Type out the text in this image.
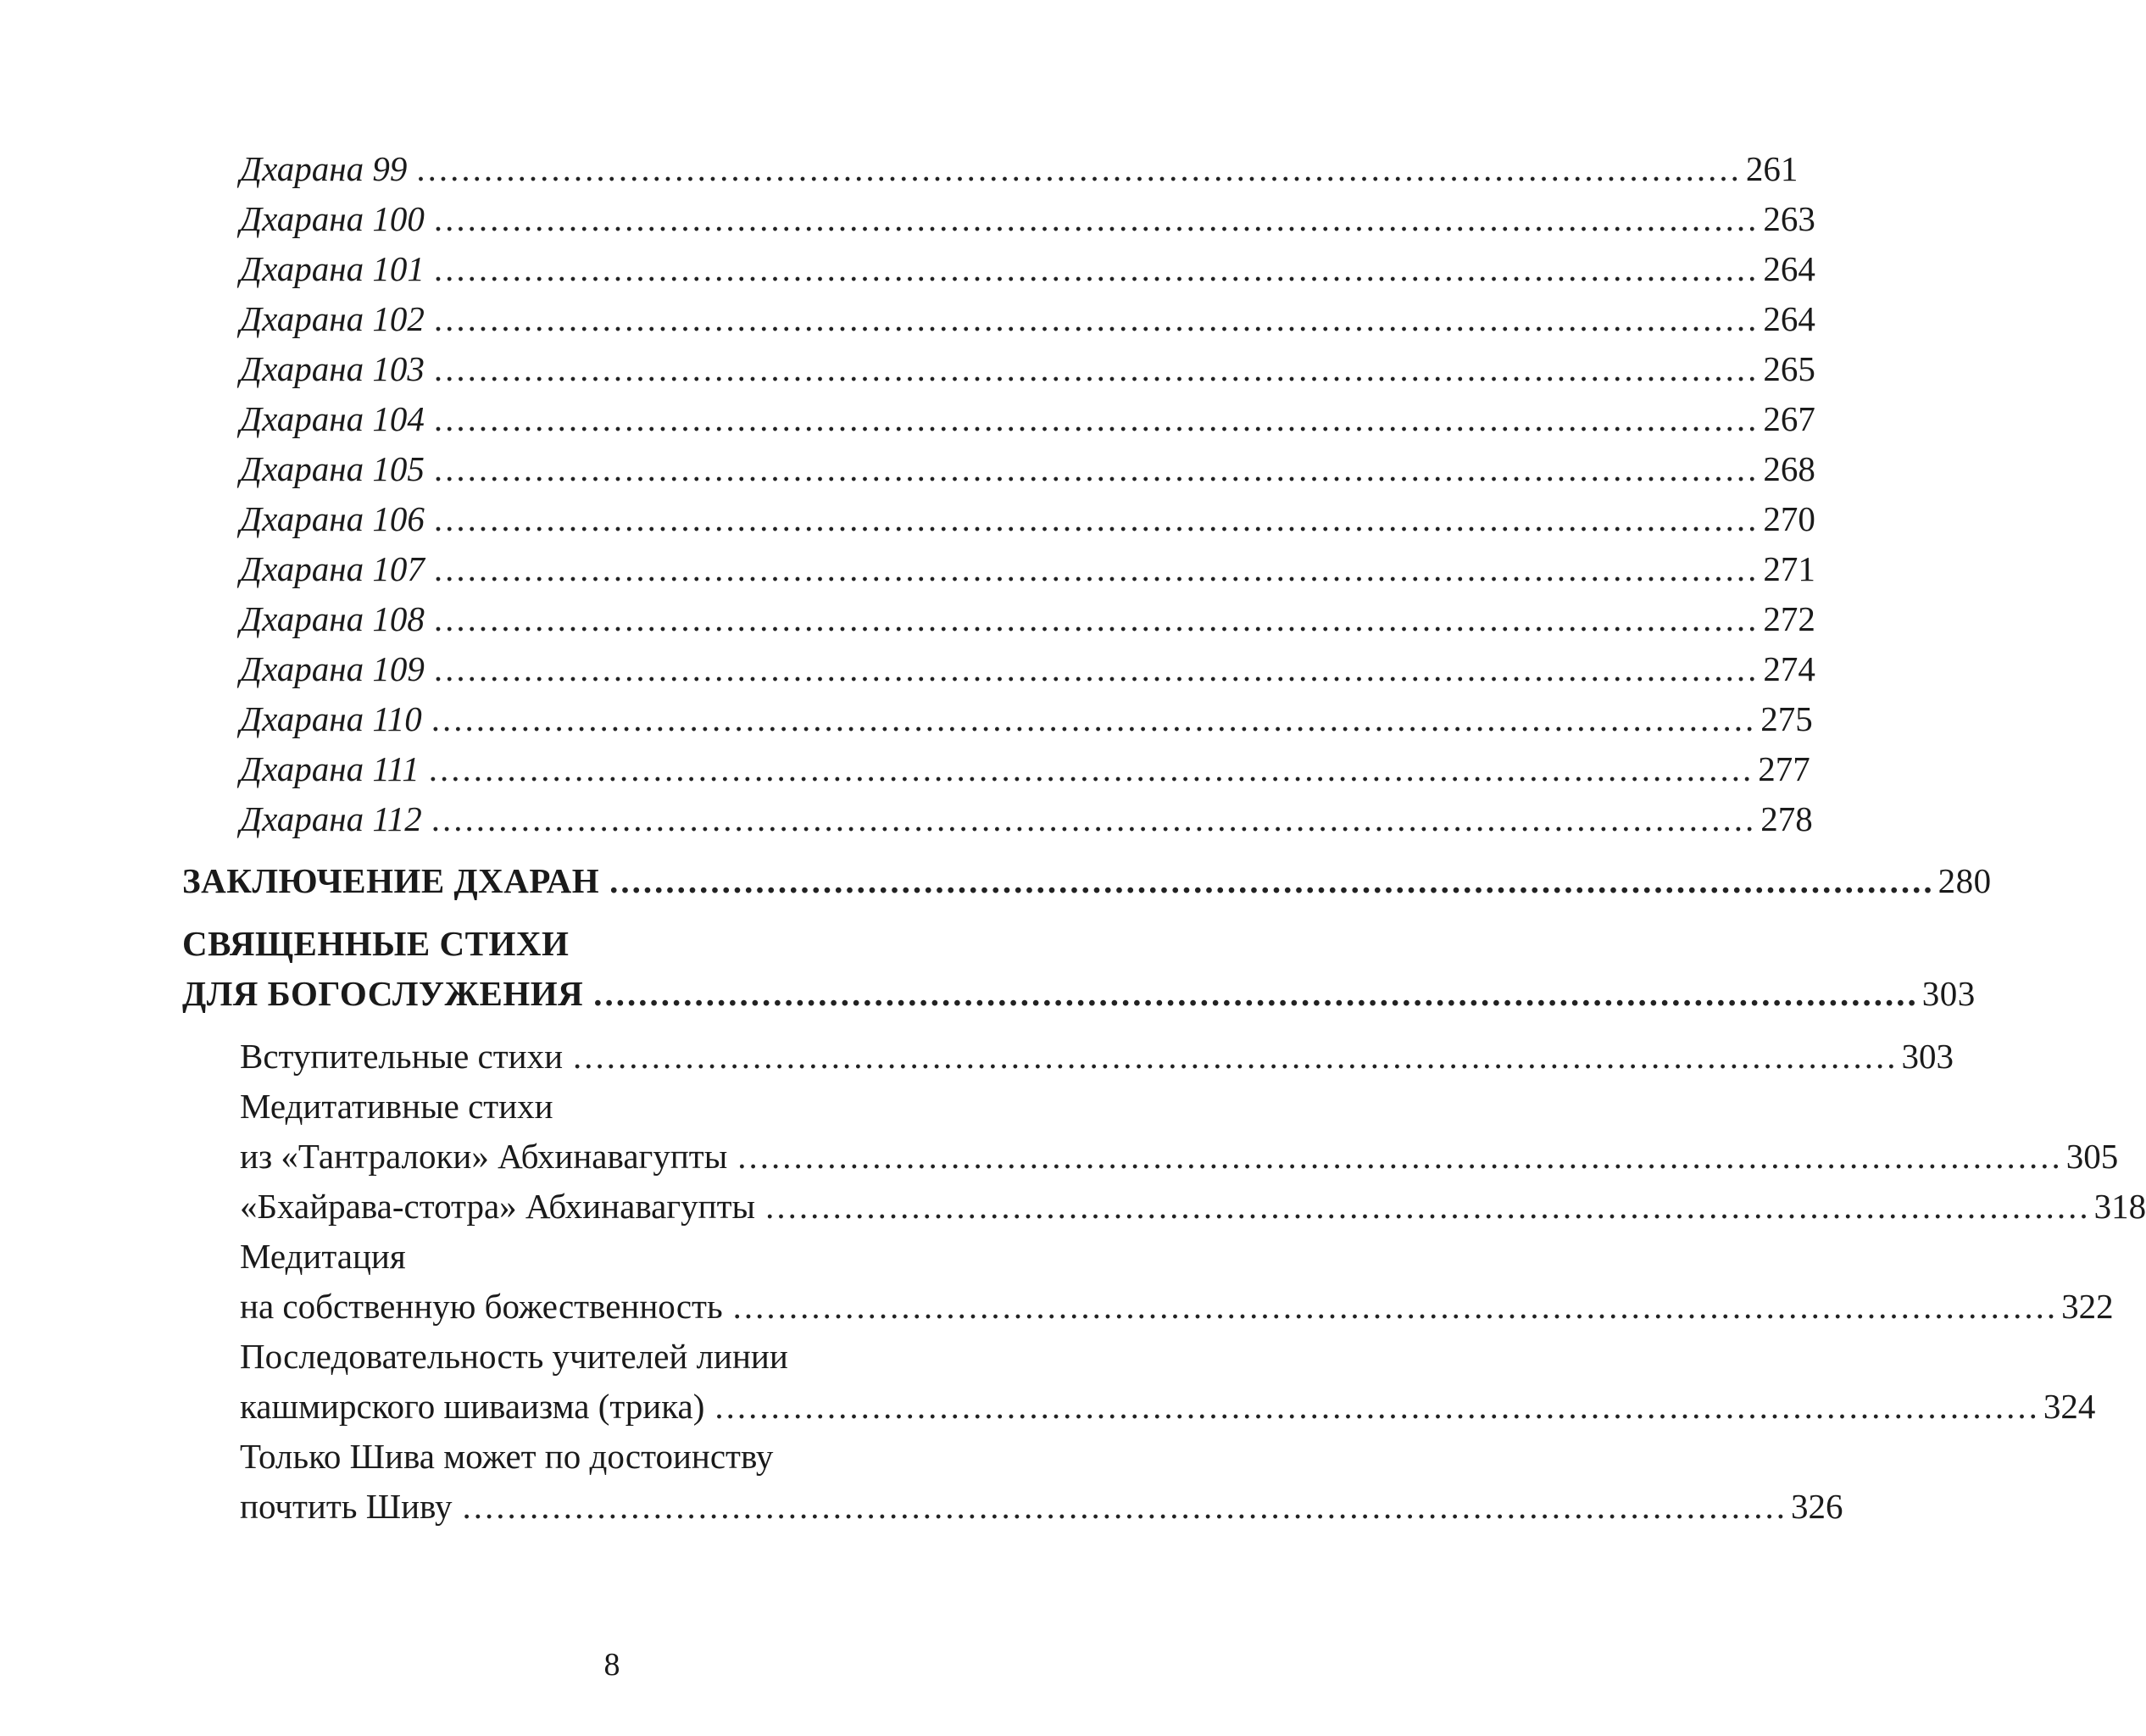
Дхарана 99 ...................................................................................................................... 261
Дхарана 100 ...................................................................................................................... 263
Дхарана 101 ...................................................................................................................... 264
Дхарана 102 ...................................................................................................................... 264
Дхарана 103 ...................................................................................................................... 265
Дхарана 104 ...................................................................................................................... 267
Дхарана 105 ...................................................................................................................... 268
Дхарана 106 ...................................................................................................................... 270
Дхарана 107 ...................................................................................................................... 271
Дхарана 108 ...................................................................................................................... 272
Дхарана 109 ...................................................................................................................... 274
Дхарана 110 ...................................................................................................................... 275
Дхарана 111 ...................................................................................................................... 277
Дхарана 112 ...................................................................................................................... 278
ЗАКЛЮЧЕНИЕ ДХАРАН ...................................................................................................................... 280
СВЯЩЕННЫЕ СТИХИ
ДЛЯ БОГОСЛУЖЕНИЯ ...................................................................................................................... 303
Вступительные стихи ...................................................................................................................... 303
Медитативные стихи
из «Тантралоки» Абхинавагупты ...................................................................................................................... 305
«Бхайрава-стотра» Абхинавагупты ...................................................................................................................... 318
Медитация
на собственную божественность ...................................................................................................................... 322
Последовательность учителей линии
кашмирского шиваизма (трика) ...................................................................................................................... 324
Только Шива может по достоинству
почтить Шиву ...................................................................................................................... 326
8
